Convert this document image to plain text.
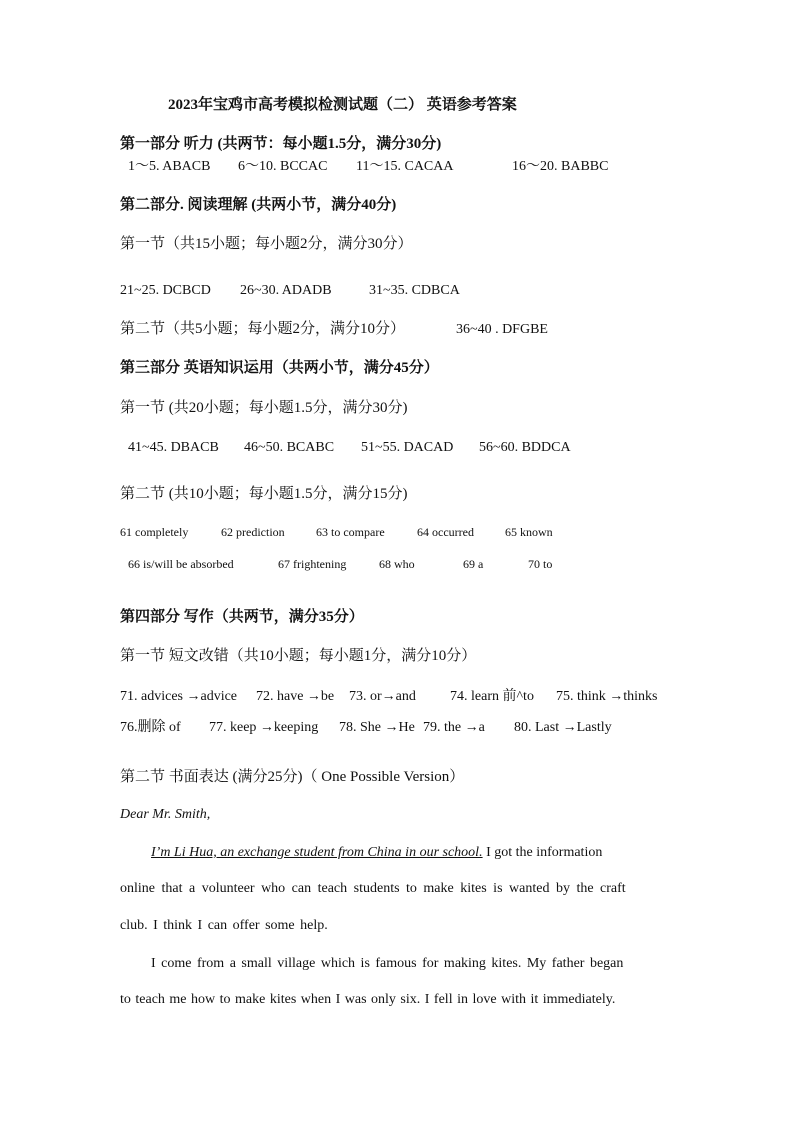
2023年宝鸡市高考模拟检测试题（二） 英语参考答案
第一部分 听力 (共两节：每小题1.5分，满分30分)
1～5. ABACB 6～10. BCCAC 11～15. CACAA	16～20. BABBC
第二部分. 阅读理解 (共两小节，满分40分)
第一节（共15小题；每小题2分，满分30分）
21~25. DCBCD 26~30. ADADB	31~35. CDBCA
第二节（共5小题；每小题2分，满分10分）	36~40 . DFGBE
第三部分 英语知识运用（共两小节，满分45分）
第一节 (共20小题；每小题1.5分，满分30分)
41~45. DBACB 46~50. BCABC 51~55. DACAD 56~60. BDDCA
第二节 (共10小题；每小题1.5分，满分15分)
61 completely	62 prediction	63 to compare	64 occurred	65 known
66 is/will be absorbed	67 frightening	68 who	69 a	70 to
第四部分 写作（共两节，满分35分）
第一节 短文改错（共10小题；每小题1分，满分10分）
71. advices →advice 72. have →be 73. or→and 74. learn 前^to 75. think →thinks
76.删除 of 77. keep →keeping 78. She →He 79. the →a 80. Last →Lastly
第二节 书面表达 (满分25分)（ One Possible Version）
Dear Mr. Smith,
I’m Li Hua, an exchange student from China in our school. I got the information
online that a volunteer who can teach students to make kites is wanted by the craft
club. I think I can offer some help.
I come from a small village which is famous for making kites. My father began
to teach me how to make kites when I was only six. I fell in love with it immediately.
